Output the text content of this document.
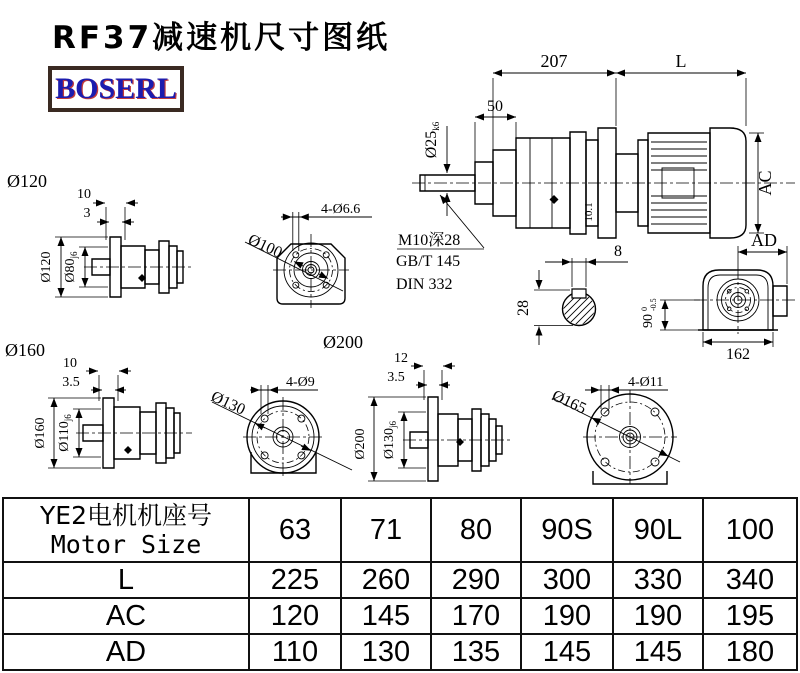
RF37减速机尺寸图纸
BOSERL
207	L
50
Ø25k6
AC
10.1
M10深28
GB/T 145
DIN 332
8
28
AD
90
0 -0.5
162
Ø120
10
3
Ø120 $Ø80_{j6}$
4-Ø6.6
Ø100
Ø160
10
3.5
Ø160 $Ø110_{j6}$
4-Ø9
Ø130
Ø200
12
3.5
Ø200 $Ø130_{j6}$
4-Ø11
Ø165
YE2电机机座号
Motor Size	63	71	80	90S	90L	100
L	225	260	290	300	330	340
AC	120	145	170	190	190	195
AD	110	130	135	145	145	180
